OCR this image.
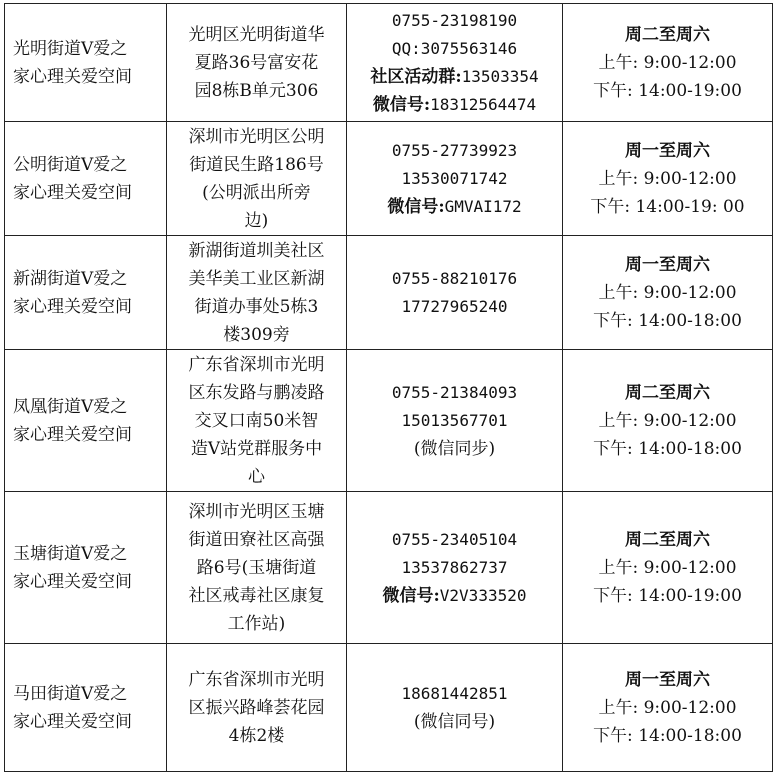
光明街道V爱之
家心理关爱空间	光明区光明街道华
夏路36号富安花
园8栋B单元306	0755-23198190
QQ:3075563146
社区活动群:13503354
微信号:18312564474	周二至周六
上午: 9:00-12:00
下午: 14:00-19:00

公明街道V爱之
家心理关爱空间	深圳市光明区公明
街道民生路186号
(公明派出所旁
边)	0755-27739923
13530071742
微信号:GMVAI172	周一至周六
上午: 9:00-12:00
下午: 14:00-19: 00

新湖街道V爱之
家心理关爱空间	新湖街道圳美社区
美华美工业区新湖
街道办事处5栋3
楼309旁	0755-88210176
17727965240	周一至周六
上午: 9:00-12:00
下午: 14:00-18:00

凤凰街道V爱之
家心理关爱空间	广东省深圳市光明
区东发路与鹏凌路
交叉口南50米智
造V站党群服务中
心	0755-21384093
15013567701
(微信同步)	周二至周六
上午: 9:00-12:00
下午: 14:00-18:00

玉塘街道V爱之
家心理关爱空间	深圳市光明区玉塘
街道田寮社区高强
路6号(玉塘街道
社区戒毒社区康复
工作站)	0755-23405104
13537862737
微信号:V2V333520	周二至周六
上午: 9:00-12:00
下午: 14:00-19:00

马田街道V爱之
家心理关爱空间	广东省深圳市光明
区振兴路峰荟花园
4栋2楼	18681442851
(微信同号)	周一至周六
上午: 9:00-12:00
下午: 14:00-18:00
